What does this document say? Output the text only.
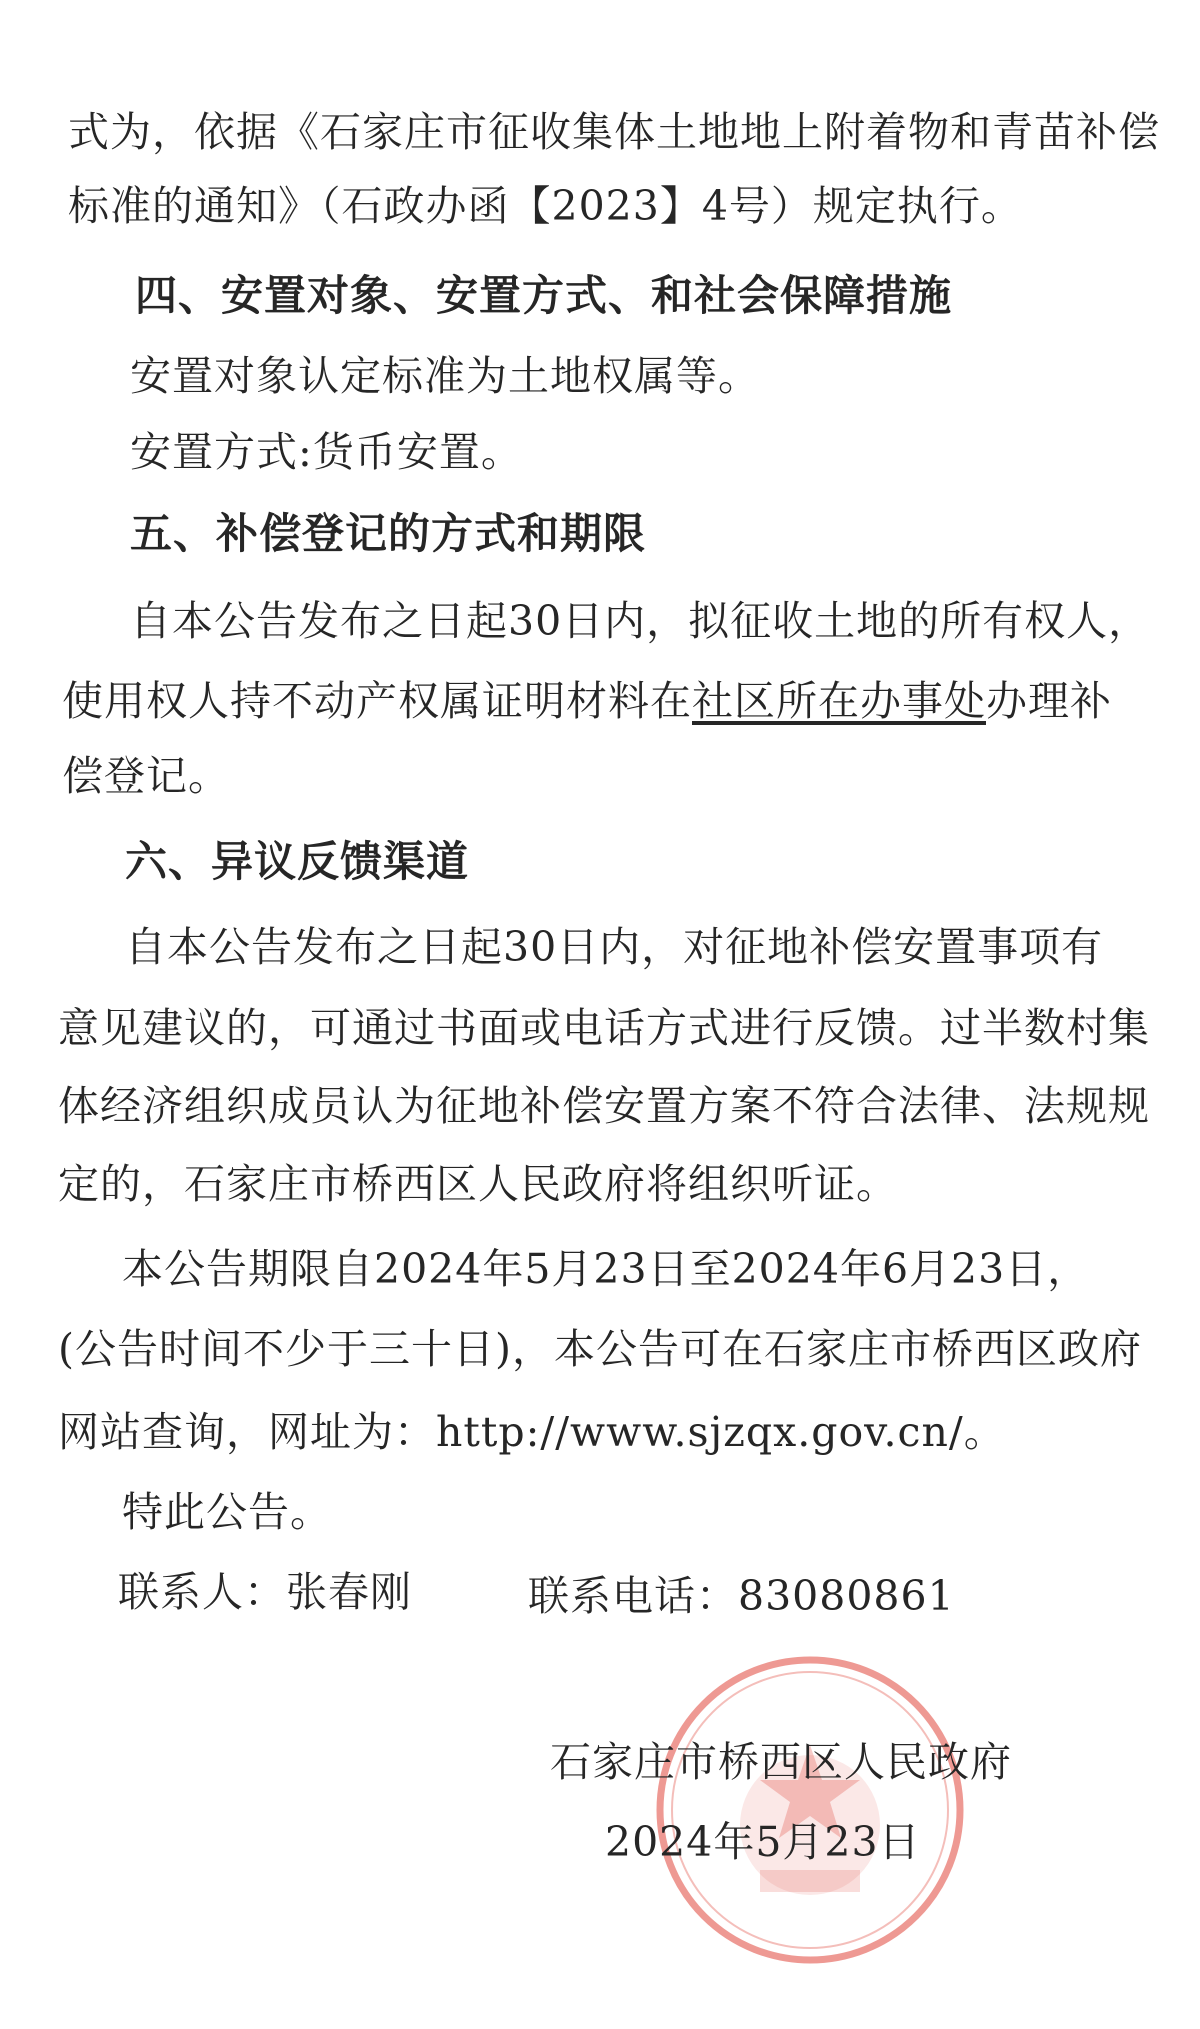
式为，依据《石家庄市征收集体土地地上附着物和青苗补偿
标准的通知》（石政办函【2023】4号）规定执行。
四、安置对象、安置方式、和社会保障措施
安置对象认定标准为土地权属等。
安置方式:货币安置。
五、补偿登记的方式和期限
自本公告发布之日起30日内，拟征收土地的所有权人，
使用权人持不动产权属证明材料在社区所在办事处办理补
偿登记。
六、异议反馈渠道
自本公告发布之日起30日内，对征地补偿安置事项有
意见建议的，可通过书面或电话方式进行反馈。过半数村集
体经济组织成员认为征地补偿安置方案不符合法律、法规规
定的，石家庄市桥西区人民政府将组织听证。
本公告期限自2024年5月23日至2024年6月23日，
(公告时间不少于三十日)，本公告可在石家庄市桥西区政府
网站查询，网址为：http://www.sjzqx.gov.cn/。
特此公告。
联系人：张春刚	联系电话：83080861
石家庄市桥西区人民政府
2024年5月23日
